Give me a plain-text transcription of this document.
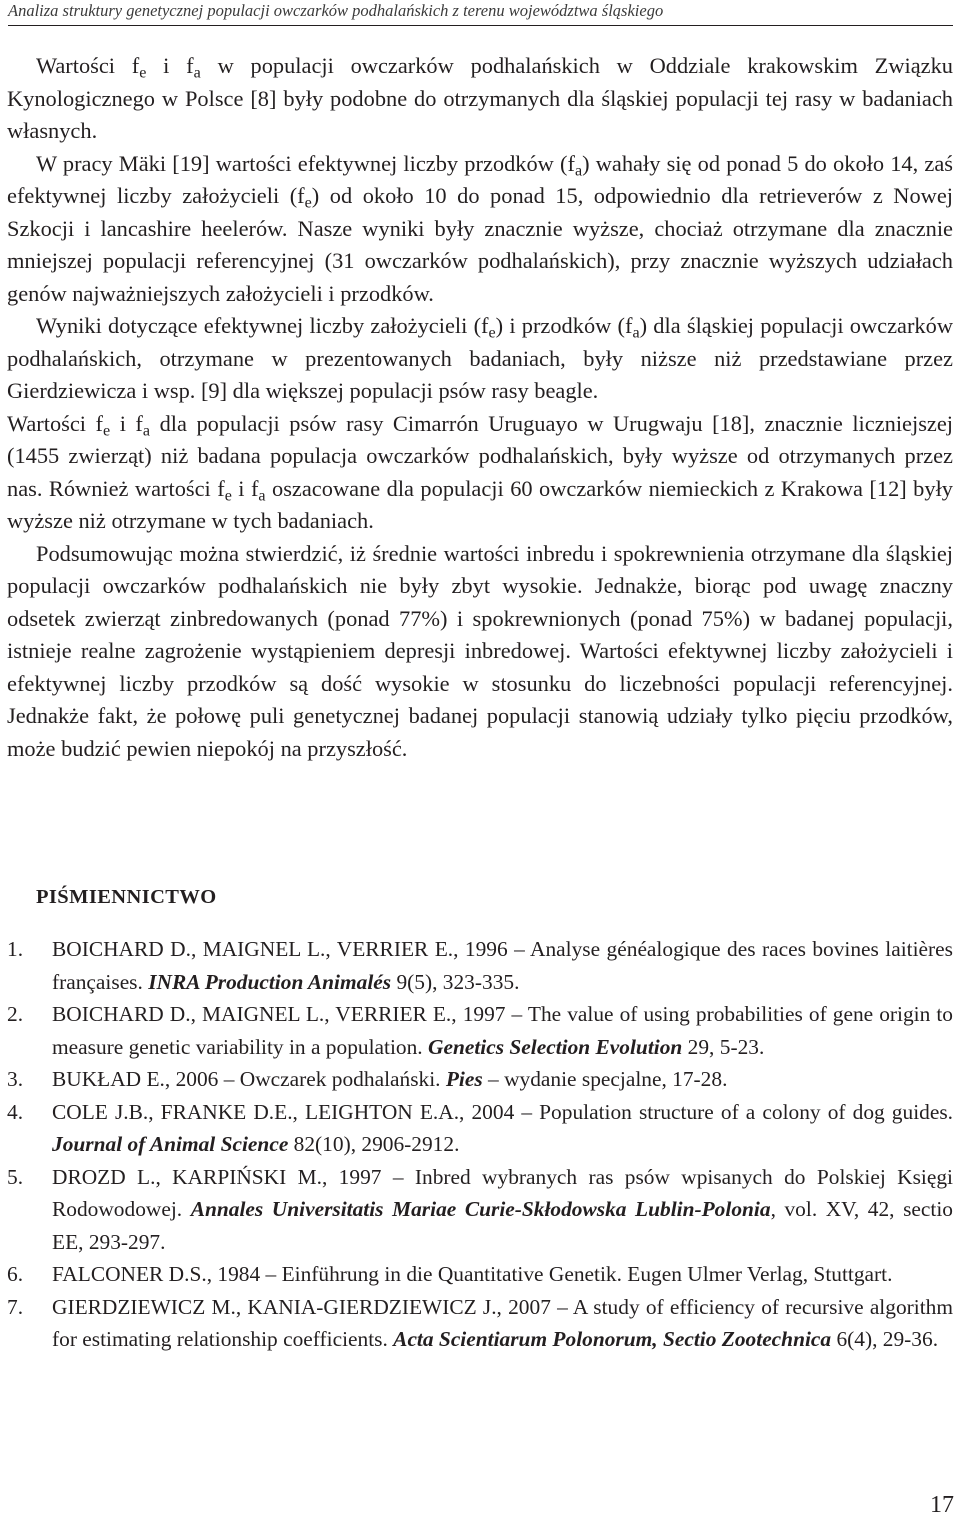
Analiza struktury genetycznej populacji owczarków podhalańskich z terenu województwa śląskiego

Wartości $f_e$ i $f_a$ w populacji owczarków podhalańskich w Oddziale krakowskim Związku Kynologicznego w Polsce [8] były podobne do otrzymanych dla śląskiej populacji tej rasy w badaniach własnych.

W pracy Mäki [19] wartości efektywnej liczby przodków $(f_a)$ wahały się od ponad 5 do około 14, zaś efektywnej liczby założycieli $(f_e)$ od około 10 do ponad 15, odpowiednio dla retrieverów z Nowej Szkocji i lancashire heelerów. Nasze wyniki były znacznie wyższe, chociaż otrzymane dla znacznie mniejszej populacji referencyjnej (31 owczarków podhalańskich), przy znacznie wyższych udziałach genów najważniejszych założycieli i przodków.

Wyniki dotyczące efektywnej liczby założycieli $(f_e)$ i przodków $(f_a)$ dla śląskiej populacji owczarków podhalańskich, otrzymane w prezentowanych badaniach, były niższe niż przedstawiane przez Gierdziewicza i wsp. [9] dla większej populacji psów rasy beagle.

Wartości $f_e$ i $f_a$ dla populacji psów rasy Cimarrón Uruguayo w Urugwaju [18], znacznie liczniejszej (1455 zwierząt) niż badana populacja owczarków podhalańskich, były wyższe od otrzymanych przez nas. Również wartości $f_e$ i $f_a$ oszacowane dla populacji 60 owczarków niemieckich z Krakowa [12] były wyższe niż otrzymane w tych badaniach.

Podsumowując można stwierdzić, iż średnie wartości inbredu i spokrewnienia otrzymane dla śląskiej populacji owczarków podhalańskich nie były zbyt wysokie. Jednakże, biorąc pod uwagę znaczny odsetek zwierząt zinbredowanych (ponad 77%) i spokrewnionych (ponad 75%) w badanej populacji, istnieje realne zagrożenie wystąpieniem depresji inbredowej. Wartości efektywnej liczby założycieli i efektywnej liczby przodków są dość wysokie w stosunku do liczebności populacji referencyjnej. Jednakże fakt, że połowę puli genetycznej badanej populacji stanowią udziały tylko pięciu przodków, może budzić pewien niepokój na przyszłość.

PIŚMIENNICTWO
1. BOICHARD D., MAIGNEL L., VERRIER E., 1996 – Analyse généalogique des races bovines laitières françaises. INRA Production Animalés 9(5), 323-335.
2. BOICHARD D., MAIGNEL L., VERRIER E., 1997 – The value of using probabilities of gene origin to measure genetic variability in a population. Genetics Selection Evolution 29, 5-23.
3. BUKŁAD E., 2006 – Owczarek podhalański. Pies – wydanie specjalne, 17-28.
4. COLE J.B., FRANKE D.E., LEIGHTON E.A., 2004 – Population structure of a colony of dog guides. Journal of Animal Science 82(10), 2906-2912.
5. DROZD L., KARPIŃSKI M., 1997 – Inbred wybranych ras psów wpisanych do Polskiej Księgi Rodowodowej. Annales Universitatis Mariae Curie-Skłodowska Lublin-Polonia, vol. XV, 42, sectio EE, 293-297.
6. FALCONER D.S., 1984 – Einführung in die Quantitative Genetik. Eugen Ulmer Verlag, Stuttgart.
7. GIERDZIEWICZ M., KANIA-GIERDZIEWICZ J., 2007 – A study of efficiency of recursive algorithm for estimating relationship coefficients. Acta Scientiarum Polonorum, Sectio Zootechnica 6(4), 29-36.
17
